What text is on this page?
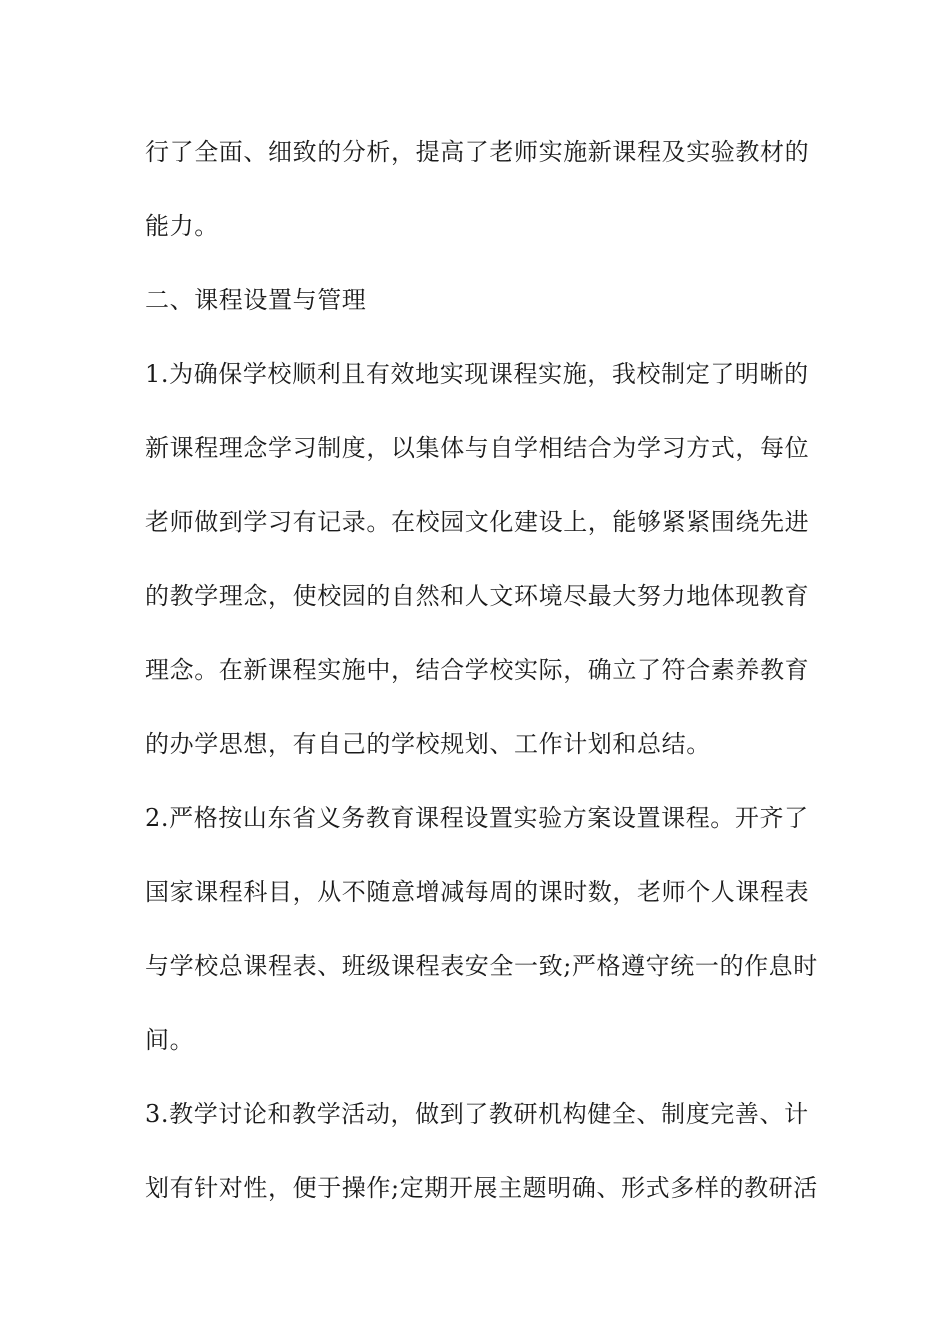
行了全面、细致的分析，提高了老师实施新课程及实验教材的
能力。
二、课程设置与管理
1.为确保学校顺利且有效地实现课程实施，我校制定了明晰的
新课程理念学习制度，以集体与自学相结合为学习方式，每位
老师做到学习有记录。在校园文化建设上，能够紧紧围绕先进
的教学理念，使校园的自然和人文环境尽最大努力地体现教育
理念。在新课程实施中，结合学校实际，确立了符合素养教育
的办学思想，有自己的学校规划、工作计划和总结。
2.严格按山东省义务教育课程设置实验方案设置课程。开齐了
国家课程科目，从不随意增减每周的课时数，老师个人课程表
与学校总课程表、班级课程表安全一致;严格遵守统一的作息时
间。
3.教学讨论和教学活动，做到了教研机构健全、制度完善、计
划有针对性，便于操作;定期开展主题明确、形式多样的教研活
